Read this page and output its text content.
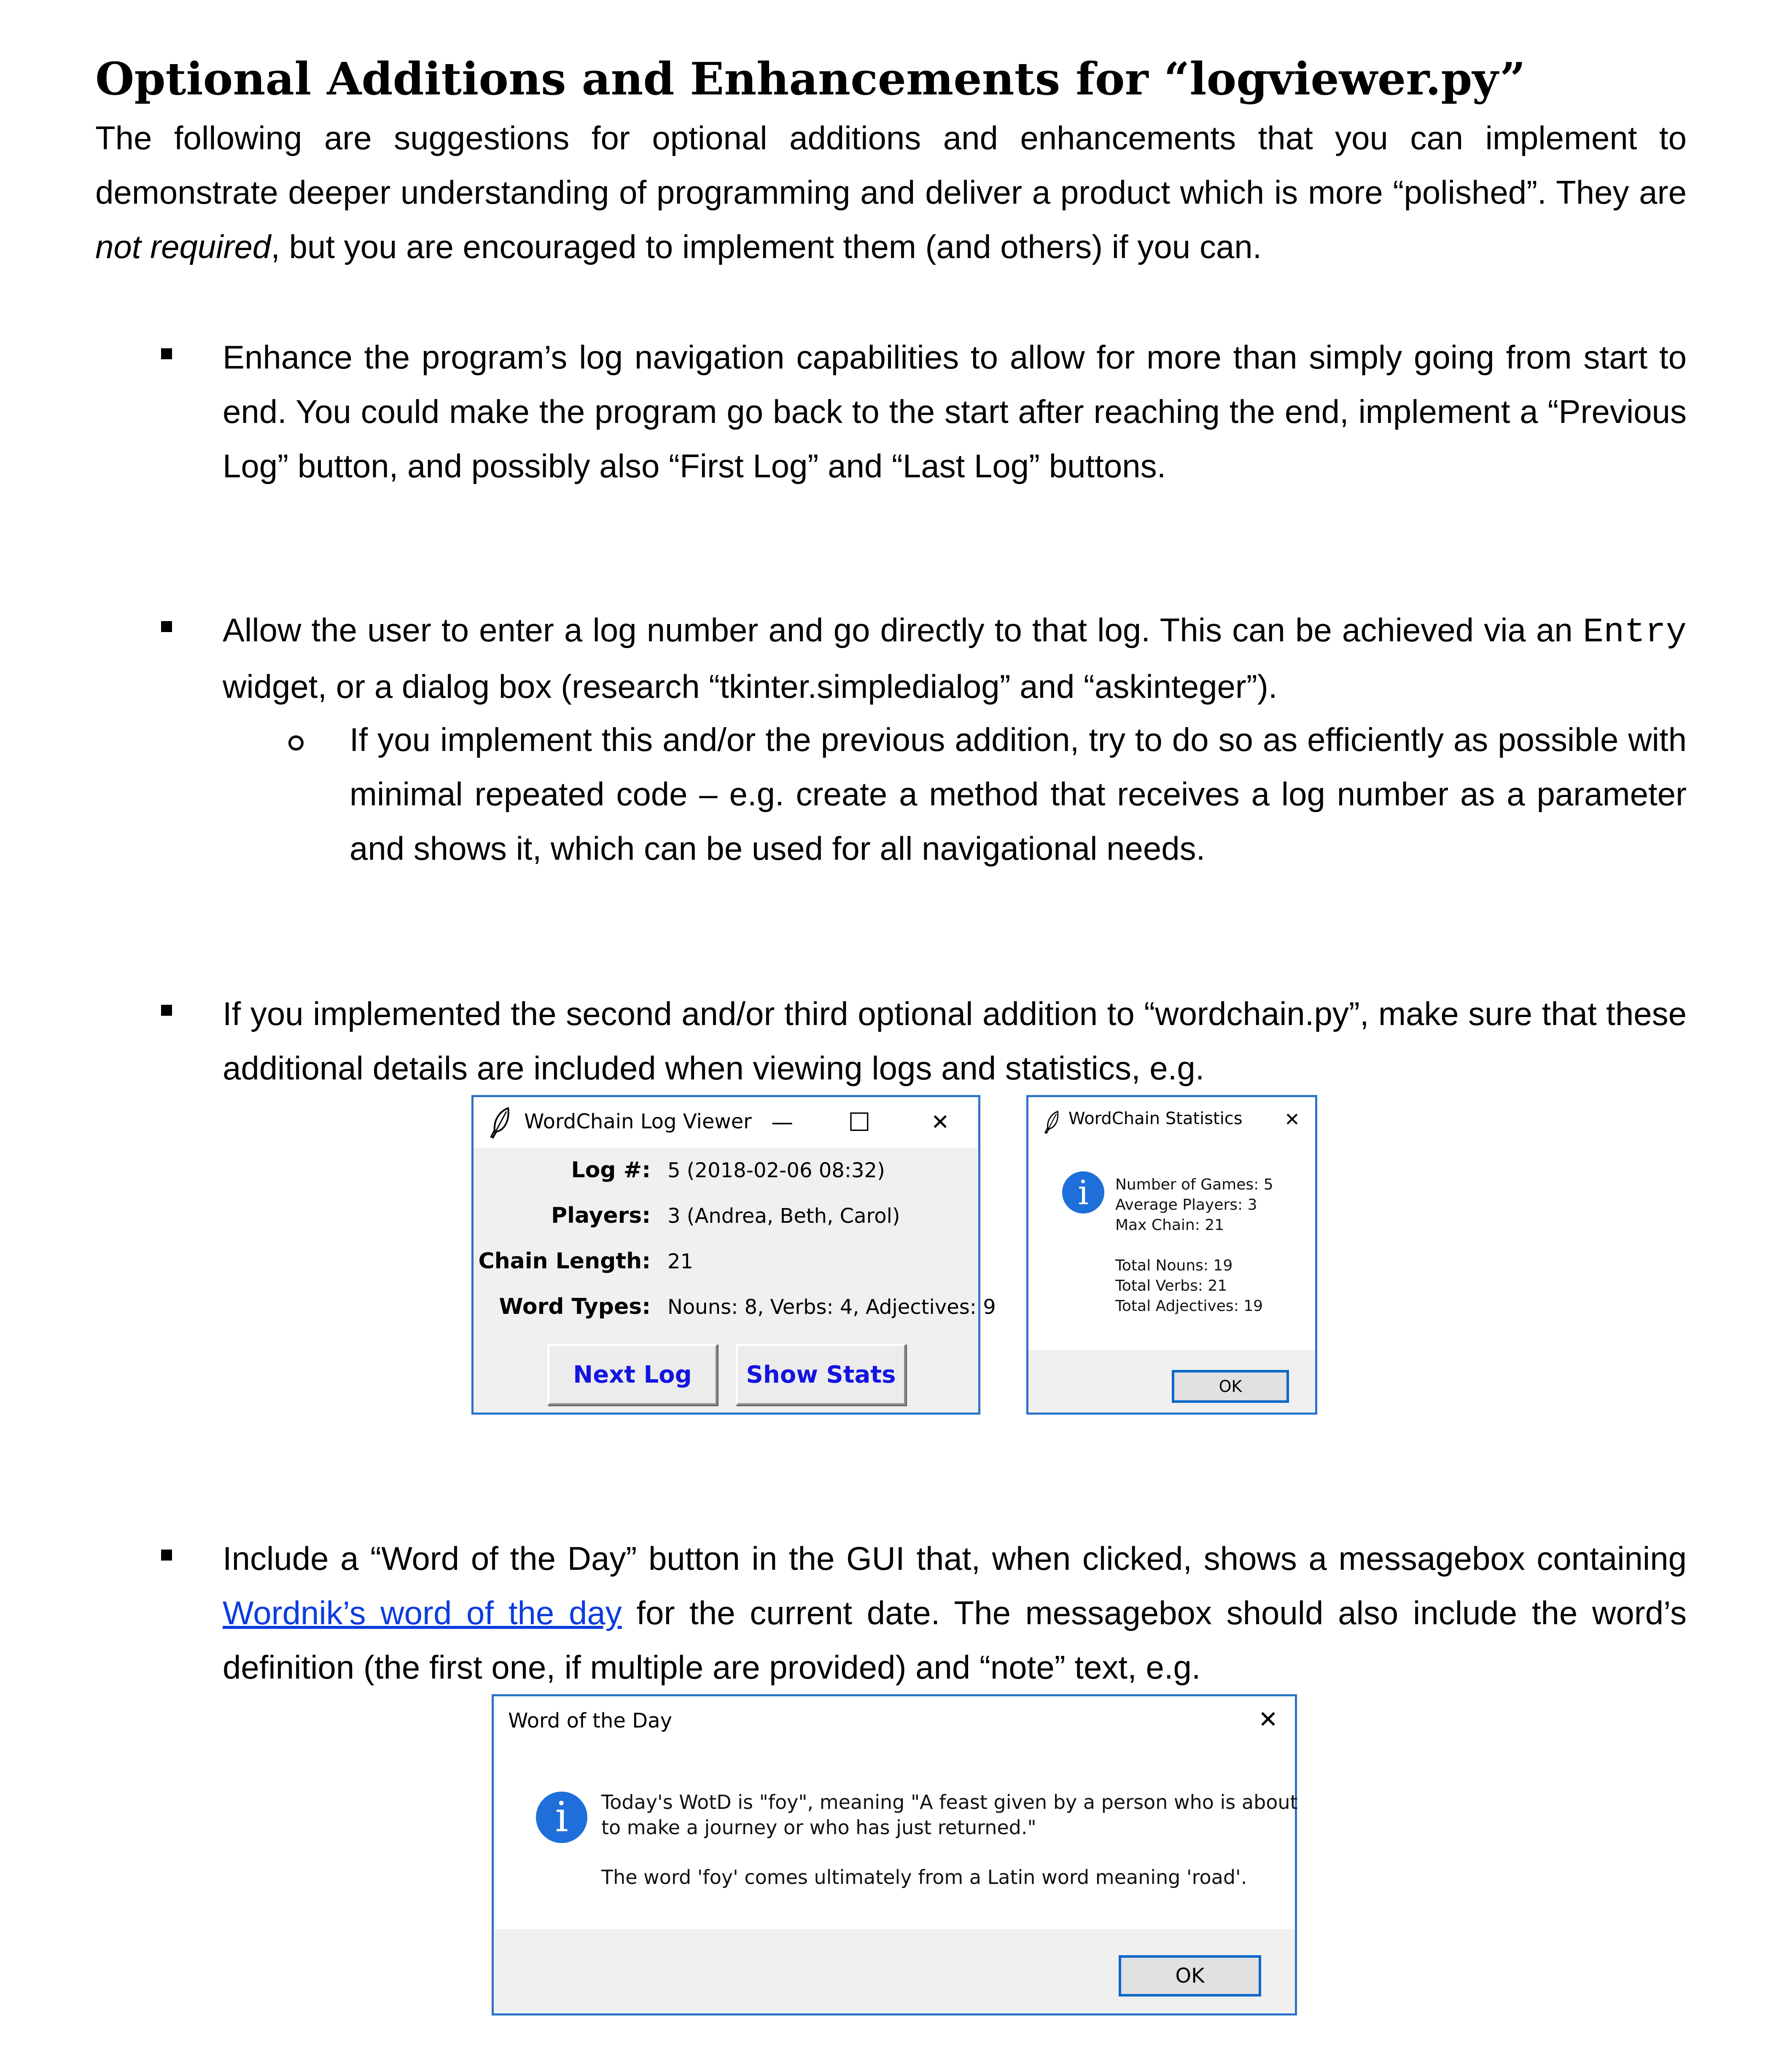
Optional Additions and Enhancements for “logviewer.py”

The following are suggestions for optional additions and enhancements that you can implement to demonstrate deeper understanding of programming and deliver a product which is more “polished”. They are not required, but you are encouraged to implement them (and others) if you can.

Enhance the program’s log navigation capabilities to allow for more than simply going from start to end. You could make the program go back to the start after reaching the end, implement a “Previous Log” button, and possibly also “First Log” and “Last Log” buttons.

Allow the user to enter a log number and go directly to that log. This can be achieved via an Entry widget, or a dialog box (research “tkinter.simpledialog” and “askinteger”).

If you implement this and/or the previous addition, try to do so as efficiently as possible with minimal repeated code – e.g. create a method that receives a log number as a parameter and shows it, which can be used for all navigational needs.

If you implemented the second and/or third optional addition to “wordchain.py”, make sure that these additional details are included when viewing logs and statistics, e.g.

WordChain Log Viewer — ☐	✕
Log #: 5 (2018-02-06 08:32)
Players: 3 (Andrea, Beth, Carol)
Chain Length: 21
Word Types: Nouns: 8, Verbs: 4, Adjectives: 9
Next Log	Show Stats
WordChain Statistics ✕
i	Number of Games: 5
Average Players: 3
Max Chain: 21
Total Nouns: 19
Total Verbs: 21
Total Adjectives: 19
OK

Include a “Word of the Day” button in the GUI that, when clicked, shows a messagebox containing Wordnik’s word of the day for the current date. The messagebox should also include the word’s definition (the first one, if multiple are provided) and “note” text, e.g.

Word of the Day	✕
i	Today's WotD is "foy", meaning "A feast given by a person who is about
to make a journey or who has just returned."
The word 'foy' comes ultimately from a Latin word meaning 'road'.
OK
